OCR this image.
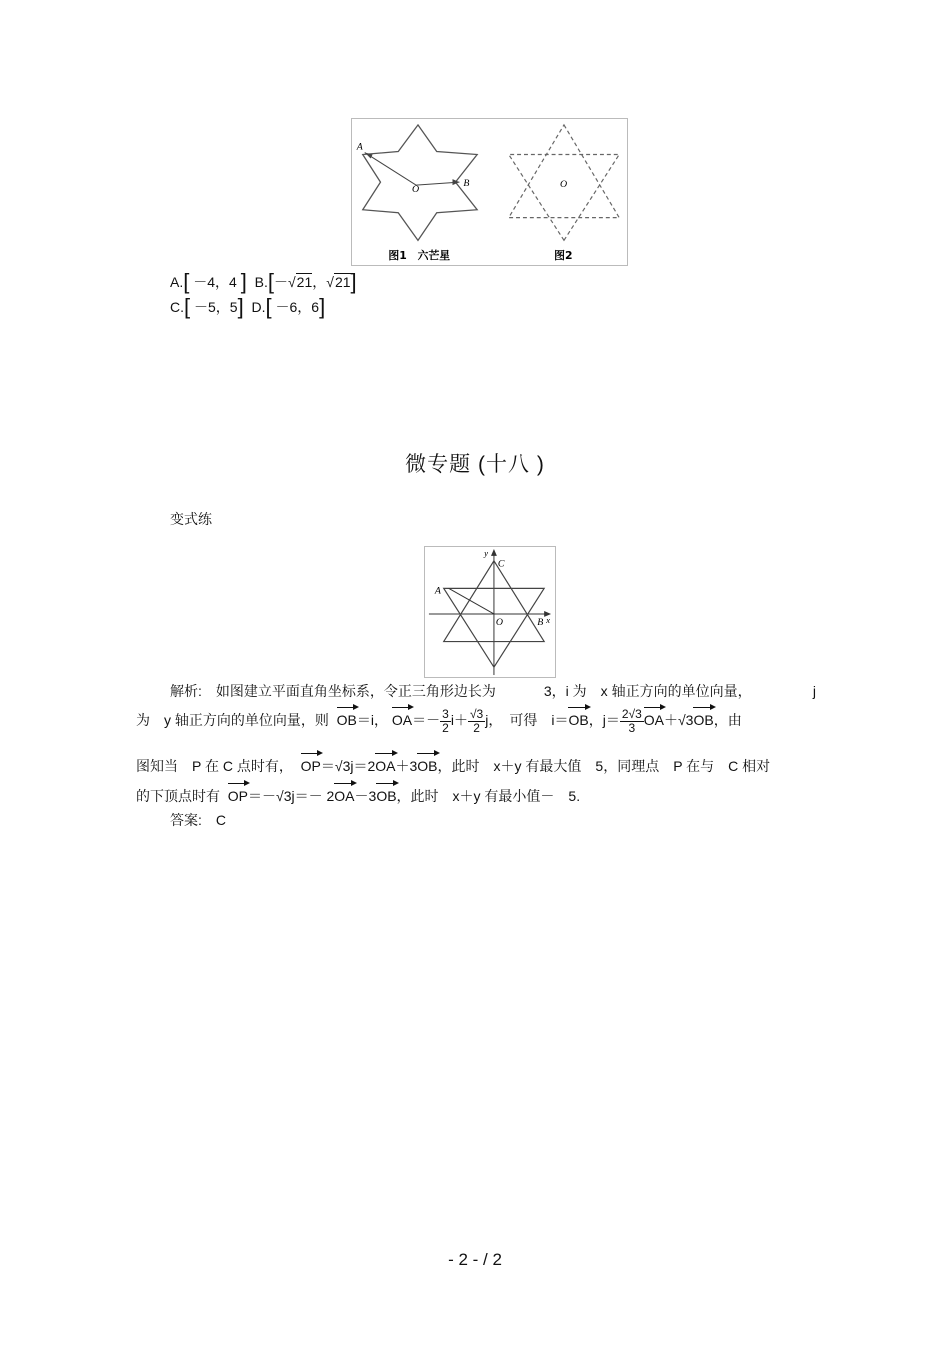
A
B
O
图1　六芒星
O
图2
A.[ －4，4 ] B.[－√21，√21]
C.[ －5，5] D.[ －6，6]
微专题 (十八 )
变式练
y
C
A
O	B x
解析:　如图建立平面直角坐标系，令正三角形边长为	3，i 为　x 轴正方向的单位向量，	j
为　y 轴正方向的单位向量，则 OB＝i， $OA=- \frac{3}{2} i+ \frac{√3}{2}$ j，　可得　i＝OB，$j= \frac{2√3}{3} OA+√3OB$，由
图知当　P 在 C 点时有， OP＝√3j＝2OA＋3OB，此时　x＋y 有最大值　5，同理点　P 在与　C 相对
的下顶点时有 OP＝－√3j＝－ 2OA－3OB，此时　x＋y 有最小值－　5.
答案:　C
- 2 - / 2
